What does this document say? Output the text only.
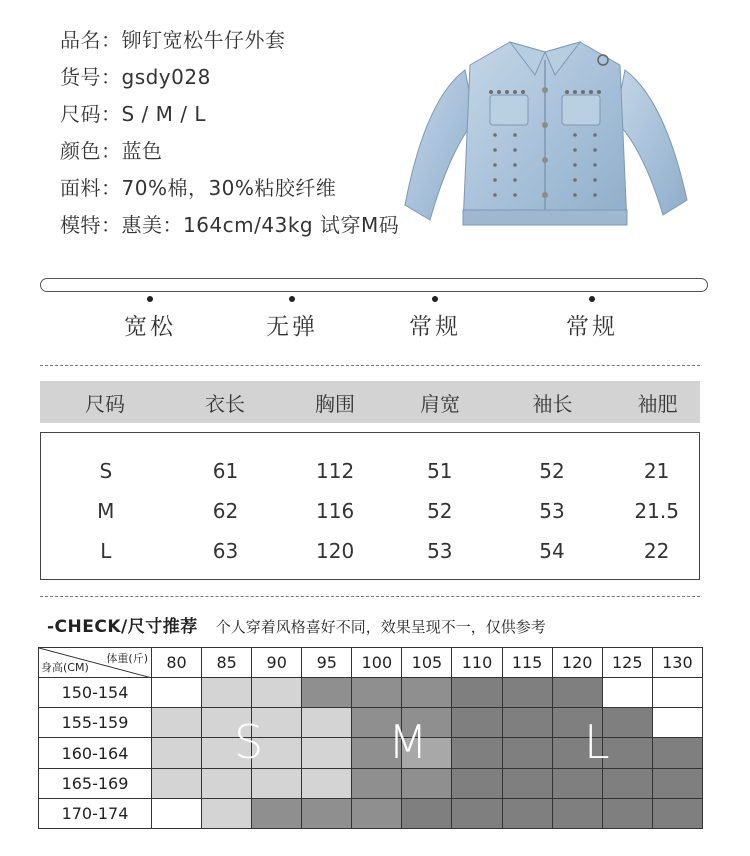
品名：铆钉宽松牛仔外套
货号：gsdy028
尺码：S / M / L
颜色：蓝色
面料：70%棉，30%粘胶纤维
模特：惠美：164cm/43kg 试穿M码
宽松	无弹	常规	常规
尺码	衣长	胸围	肩宽	袖长	袖肥
S	61	112	51	52	21
M	62	116	52	53	21.5
L	63	120	53	54	22
-CHECK/尺寸推荐 个人穿着风格喜好不同，效果呈现不一，仅供参考
体重(斤)
身高(CM)	80	85	90	95	100	105	110	115	120	125	130
150-154											
155-159											
160-164											
165-169											
170-174											
S	M	L
